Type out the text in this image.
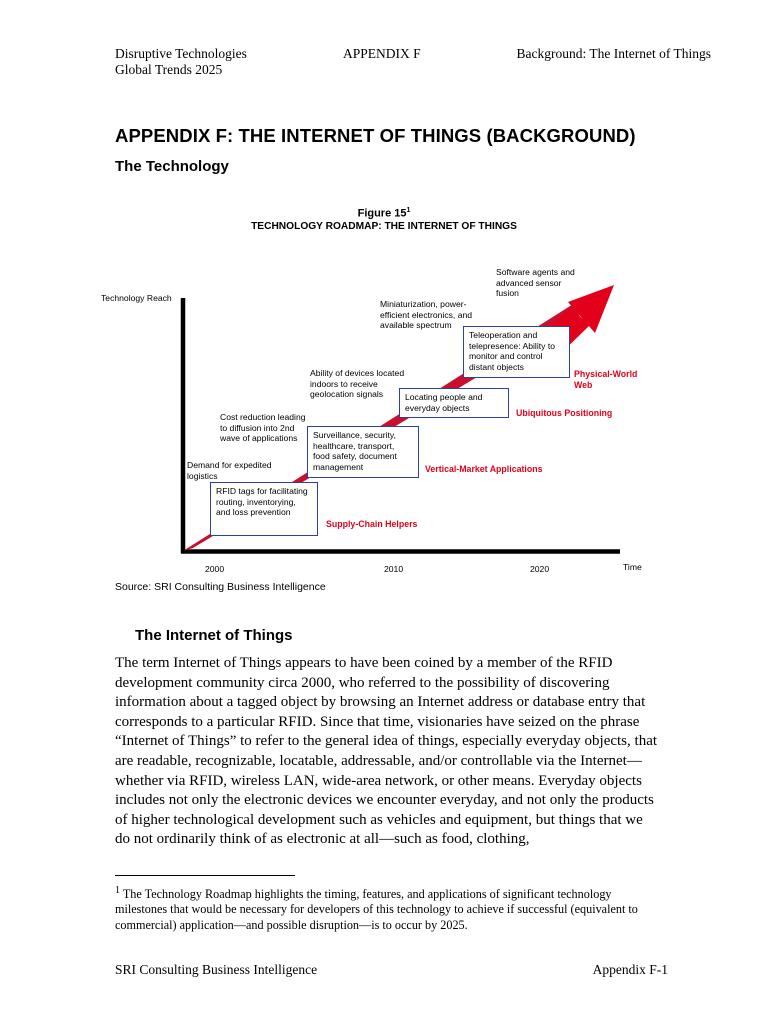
Disruptive Technologies
Global Trends 2025
APPENDIX F	Background: The Internet of Things
APPENDIX F: THE INTERNET OF THINGS (BACKGROUND)
The Technology
Figure $15^1$
TECHNOLOGY ROADMAP: THE INTERNET OF THINGS
Technology Reach
Time
2000	2010	2020
Demand for expedited logistics
Cost reduction leading to diffusion into 2nd wave of applications
Ability of devices located indoors to receive geolocation signals
Miniaturization, power-efficient electronics, and available spectrum
Software agents and advanced sensor fusion
RFID tags for facilitating routing, inventorying, and loss prevention
Surveillance, security, healthcare, transport, food safety, document management
Locating people and everyday objects
Teleoperation and telepresence: Ability to monitor and control distant objects
Supply-Chain Helpers
Vertical-Market Applications
Ubiquitous Positioning
Physical-World Web
Source: SRI Consulting Business Intelligence
The Internet of Things

The term Internet of Things appears to have been coined by a member of the RFID development community circa 2000, who referred to the possibility of discovering information about a tagged object by browsing an Internet address or database entry that corresponds to a particular RFID. Since that time, visionaries have seized on the phrase “Internet of Things” to refer to the general idea of things, especially everyday objects, that are readable, recognizable, locatable, addressable, and/or controllable via the Internet—whether via RFID, wireless LAN, wide-area network, or other means. Everyday objects includes not only the electronic devices we encounter everyday, and not only the products of higher technological development such as vehicles and equipment, but things that we do not ordinarily think of as electronic at all—such as food, clothing,

$^1$ The Technology Roadmap highlights the timing, features, and applications of significant technology milestones that would be necessary for developers of this technology to achieve if successful (equivalent to commercial) application—and possible disruption—is to occur by 2025.
SRI Consulting Business Intelligence	Appendix F-1
